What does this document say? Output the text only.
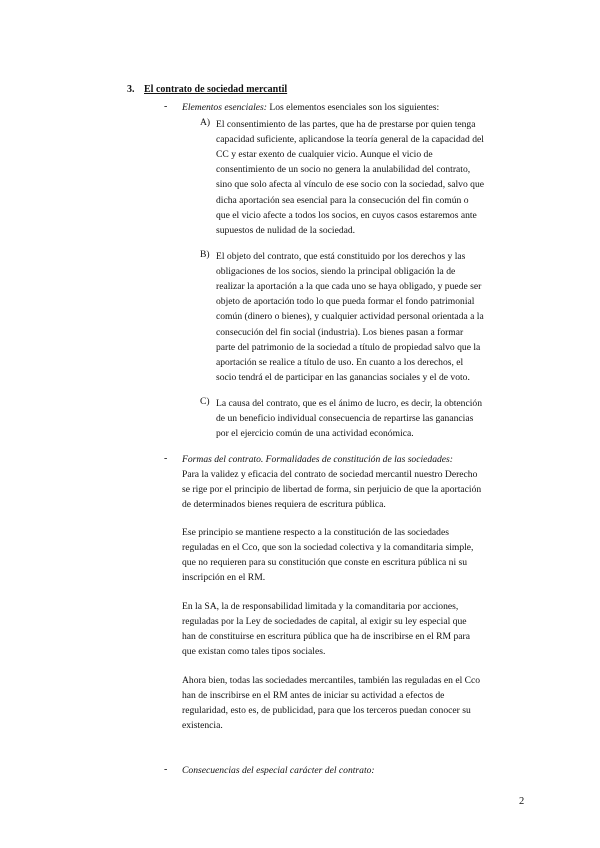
3. El contrato de sociedad mercantil
- Elementos esenciales: Los elementos esenciales son los siguientes:
A) El consentimiento de las partes, que ha de prestarse por quien tenga
capacidad suficiente, aplicandose la teoría general de la capacidad del
CC y estar exento de cualquier vicio. Aunque el vicio de
consentimiento de un socio no genera la anulabilidad del contrato,
sino que solo afecta al vínculo de ese socio con la sociedad, salvo que
dicha aportación sea esencial para la consecución del fin común o
que el vicio afecte a todos los socios, en cuyos casos estaremos ante
supuestos de nulidad de la sociedad.
B) El objeto del contrato, que está constituido por los derechos y las
obligaciones de los socios, siendo la principal obligación la de
realizar la aportación a la que cada uno se haya obligado, y puede ser
objeto de aportación todo lo que pueda formar el fondo patrimonial
común (dinero o bienes), y cualquier actividad personal orientada a la
consecución del fin social (industria). Los bienes pasan a formar
parte del patrimonio de la sociedad a título de propiedad salvo que la
aportación se realice a título de uso. En cuanto a los derechos, el
socio tendrá el de participar en las ganancias sociales y el de voto.
C) La causa del contrato, que es el ánimo de lucro, es decir, la obtención
de un beneficio individual consecuencia de repartirse las ganancias
por el ejercicio común de una actividad económica.
- Formas del contrato. Formalidades de constitución de las sociedades:
Para la validez y eficacia del contrato de sociedad mercantil nuestro Derecho
se rige por el principio de libertad de forma, sin perjuicio de que la aportación
de determinados bienes requiera de escritura pública.
Ese principio se mantiene respecto a la constitución de las sociedades
reguladas en el Cco, que son la sociedad colectiva y la comanditaria simple,
que no requieren para su constitución que conste en escritura pública ni su
inscripción en el RM.
En la SA, la de responsabilidad limitada y la comanditaria por acciones,
reguladas por la Ley de sociedades de capital, al exigir su ley especial que
han de constituirse en escritura pública que ha de inscribirse en el RM para
que existan como tales tipos sociales.
Ahora bien, todas las sociedades mercantiles, también las reguladas en el Cco
han de inscribirse en el RM antes de iniciar su actividad a efectos de
regularidad, esto es, de publicidad, para que los terceros puedan conocer su
existencia.
- Consecuencias del especial carácter del contrato:
2
